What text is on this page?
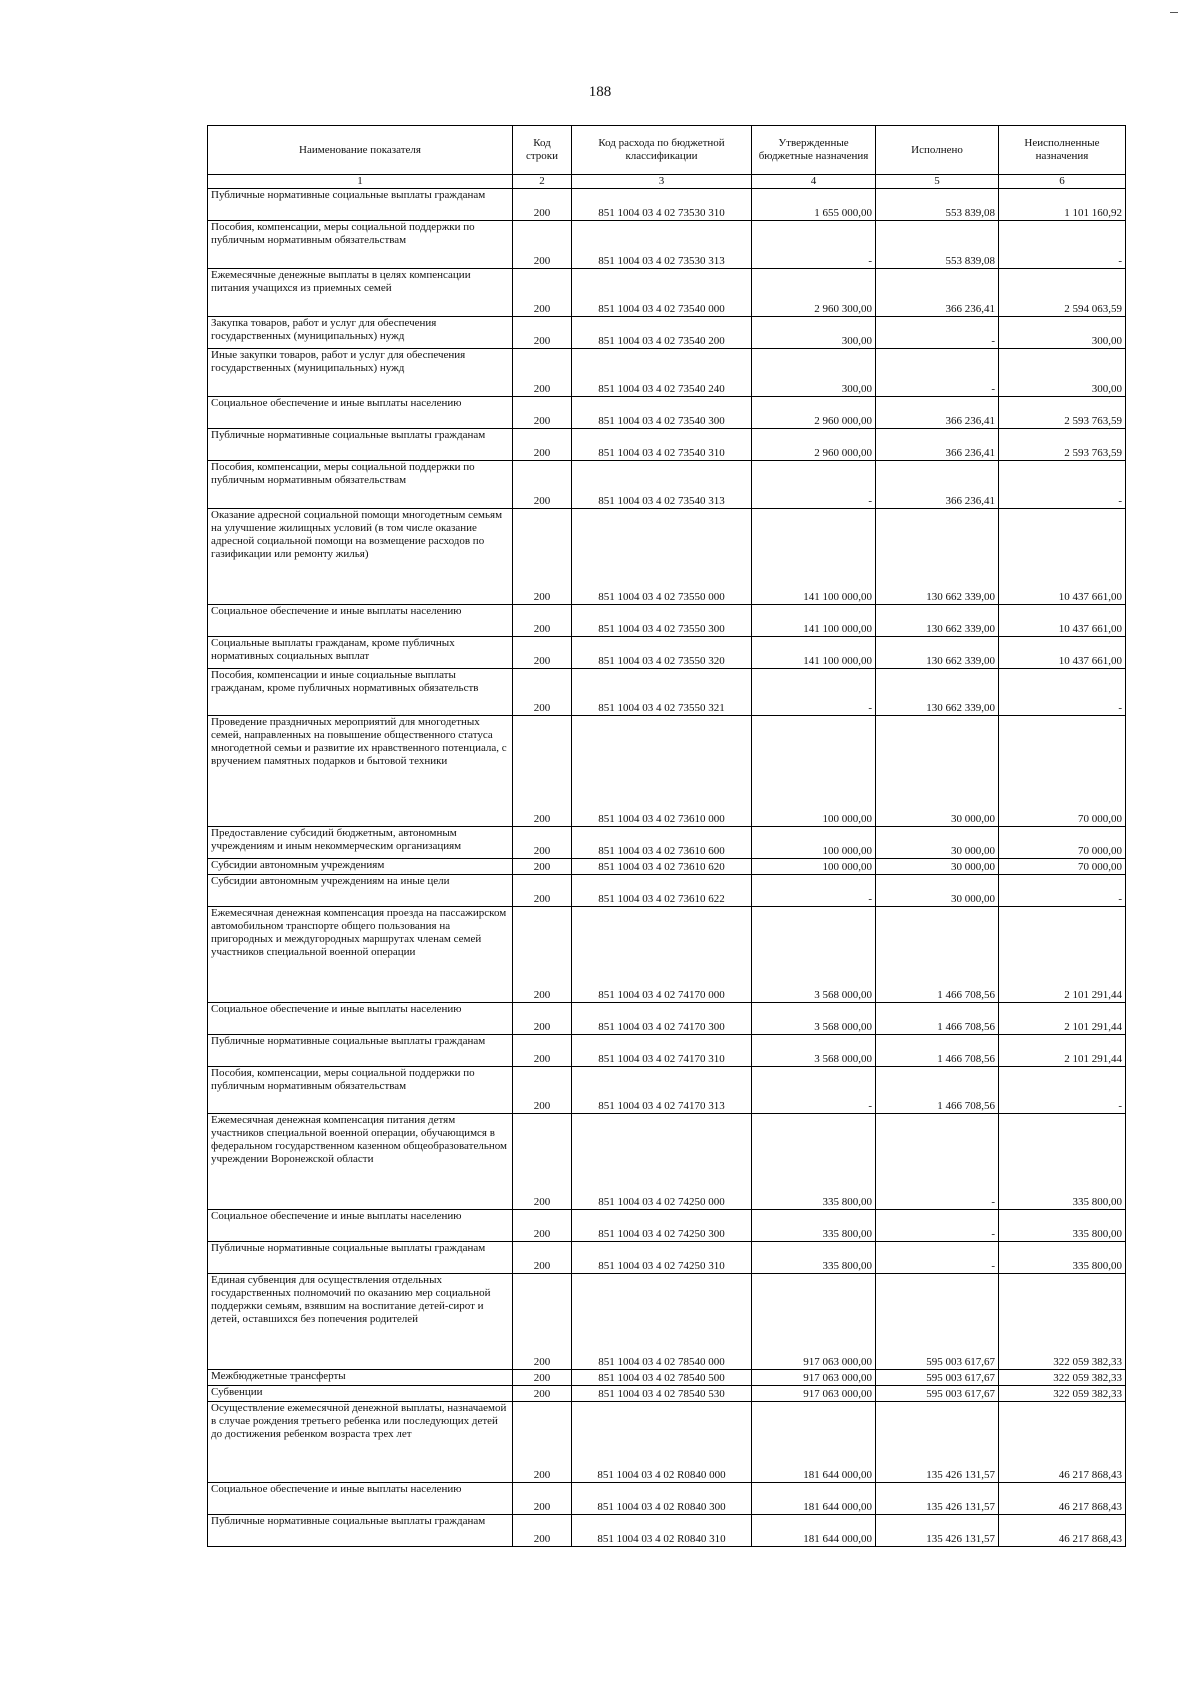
188
Наименование показателя	Код строки	Код расхода по бюджетной классификации	Утвержденные бюджетные назначения	Исполнено	Неисполненные назначения
1	2	3	4	5	6
Публичные нормативные социальные выплаты гражданам	200	851 1004 03 4 02 73530 310	1 655 000,00	553 839,08	1 101 160,92
Пособия, компенсации, меры социальной поддержки по публичным нормативным обязательствам	200	851 1004 03 4 02 73530 313	-	553 839,08	-
Ежемесячные денежные выплаты в целях компенсации питания учащихся из приемных семей	200	851 1004 03 4 02 73540 000	2 960 300,00	366 236,41	2 594 063,59
Закупка товаров, работ и услуг для обеспечения государственных (муниципальных) нужд	200	851 1004 03 4 02 73540 200	300,00	-	300,00
Иные закупки товаров, работ и услуг для обеспечения государственных (муниципальных) нужд	200	851 1004 03 4 02 73540 240	300,00	-	300,00
Социальное обеспечение и иные выплаты населению	200	851 1004 03 4 02 73540 300	2 960 000,00	366 236,41	2 593 763,59
Публичные нормативные социальные выплаты гражданам	200	851 1004 03 4 02 73540 310	2 960 000,00	366 236,41	2 593 763,59
Пособия, компенсации, меры социальной поддержки по публичным нормативным обязательствам	200	851 1004 03 4 02 73540 313	-	366 236,41	-
Оказание адресной социальной помощи многодетным семьям на улучшение жилищных условий (в том числе оказание адресной социальной помощи на возмещение расходов по газификации или ремонту жилья)	200	851 1004 03 4 02 73550 000	141 100 000,00	130 662 339,00	10 437 661,00
Социальное обеспечение и иные выплаты населению	200	851 1004 03 4 02 73550 300	141 100 000,00	130 662 339,00	10 437 661,00
Социальные выплаты гражданам, кроме публичных нормативных социальных выплат	200	851 1004 03 4 02 73550 320	141 100 000,00	130 662 339,00	10 437 661,00
Пособия, компенсации и иные социальные выплаты гражданам, кроме публичных нормативных обязательств	200	851 1004 03 4 02 73550 321	-	130 662 339,00	-
Проведение праздничных мероприятий для многодетных семей, направленных на повышение общественного статуса многодетной семьи и развитие их нравственного потенциала, с вручением памятных подарков и бытовой техники	200	851 1004 03 4 02 73610 000	100 000,00	30 000,00	70 000,00
Предоставление субсидий бюджетным, автономным учреждениям и иным некоммерческим организациям	200	851 1004 03 4 02 73610 600	100 000,00	30 000,00	70 000,00
Субсидии автономным учреждениям	200	851 1004 03 4 02 73610 620	100 000,00	30 000,00	70 000,00
Субсидии автономным учреждениям на иные цели	200	851 1004 03 4 02 73610 622	-	30 000,00	-
Ежемесячная денежная компенсация проезда на пассажирском автомобильном транспорте общего пользования на пригородных и междугородных маршрутах членам семей участников специальной военной операции	200	851 1004 03 4 02 74170 000	3 568 000,00	1 466 708,56	2 101 291,44
Социальное обеспечение и иные выплаты населению	200	851 1004 03 4 02 74170 300	3 568 000,00	1 466 708,56	2 101 291,44
Публичные нормативные социальные выплаты гражданам	200	851 1004 03 4 02 74170 310	3 568 000,00	1 466 708,56	2 101 291,44
Пособия, компенсации, меры социальной поддержки по публичным нормативным обязательствам	200	851 1004 03 4 02 74170 313	-	1 466 708,56	-
Ежемесячная денежная компенсация питания детям участников специальной военной операции, обучающимся в федеральном государственном казенном общеобразовательном учреждении Воронежской области	200	851 1004 03 4 02 74250 000	335 800,00	-	335 800,00
Социальное обеспечение и иные выплаты населению	200	851 1004 03 4 02 74250 300	335 800,00	-	335 800,00
Публичные нормативные социальные выплаты гражданам	200	851 1004 03 4 02 74250 310	335 800,00	-	335 800,00
Единая субвенция для осуществления отдельных государственных полномочий по оказанию мер социальной поддержки семьям, взявшим на воспитание детей-сирот и детей, оставшихся без попечения родителей	200	851 1004 03 4 02 78540 000	917 063 000,00	595 003 617,67	322 059 382,33
Межбюджетные трансферты	200	851 1004 03 4 02 78540 500	917 063 000,00	595 003 617,67	322 059 382,33
Субвенции	200	851 1004 03 4 02 78540 530	917 063 000,00	595 003 617,67	322 059 382,33
Осуществление ежемесячной денежной выплаты, назначаемой в случае рождения третьего ребенка или последующих детей до достижения ребенком возраста трех лет	200	851 1004 03 4 02 R0840 000	181 644 000,00	135 426 131,57	46 217 868,43
Социальное обеспечение и иные выплаты населению	200	851 1004 03 4 02 R0840 300	181 644 000,00	135 426 131,57	46 217 868,43
Публичные нормативные социальные выплаты гражданам	200	851 1004 03 4 02 R0840 310	181 644 000,00	135 426 131,57	46 217 868,43
